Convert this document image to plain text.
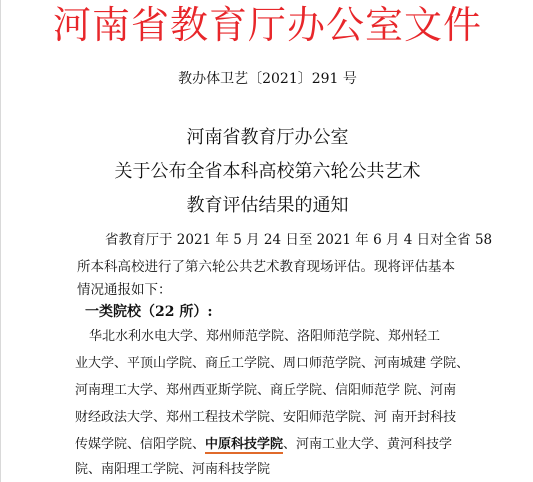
河南省教育厅办公室文件
教办体卫艺〔2021〕291 号
河南省教育厅办公室
关于公布全省本科高校第六轮公共艺术
教育评估结果的通知
省教育厅于 2021 年 5 月 24 日至 2021 年 6 月 4 日对全省 58
所本科高校进行了第六轮公共艺术教育现场评估。现将评估基本
情况通报如下：
一类院校（22 所）:
华北水利水电大学、郑州师范学院、洛阳师范学院、郑州轻工
业大学、平顶山学院、商丘工学院、周口师范学院、河南城建 学院、
河南理工大学、郑州西亚斯学院、商丘学院、信阳师范学 院、河南
财经政法大学、郑州工程技术学院、安阳师范学院、河 南开封科技
传媒学院、信阳学院、中原科技学院、河南工业大学、黄河科技学
院、南阳理工学院、河南科技学院
